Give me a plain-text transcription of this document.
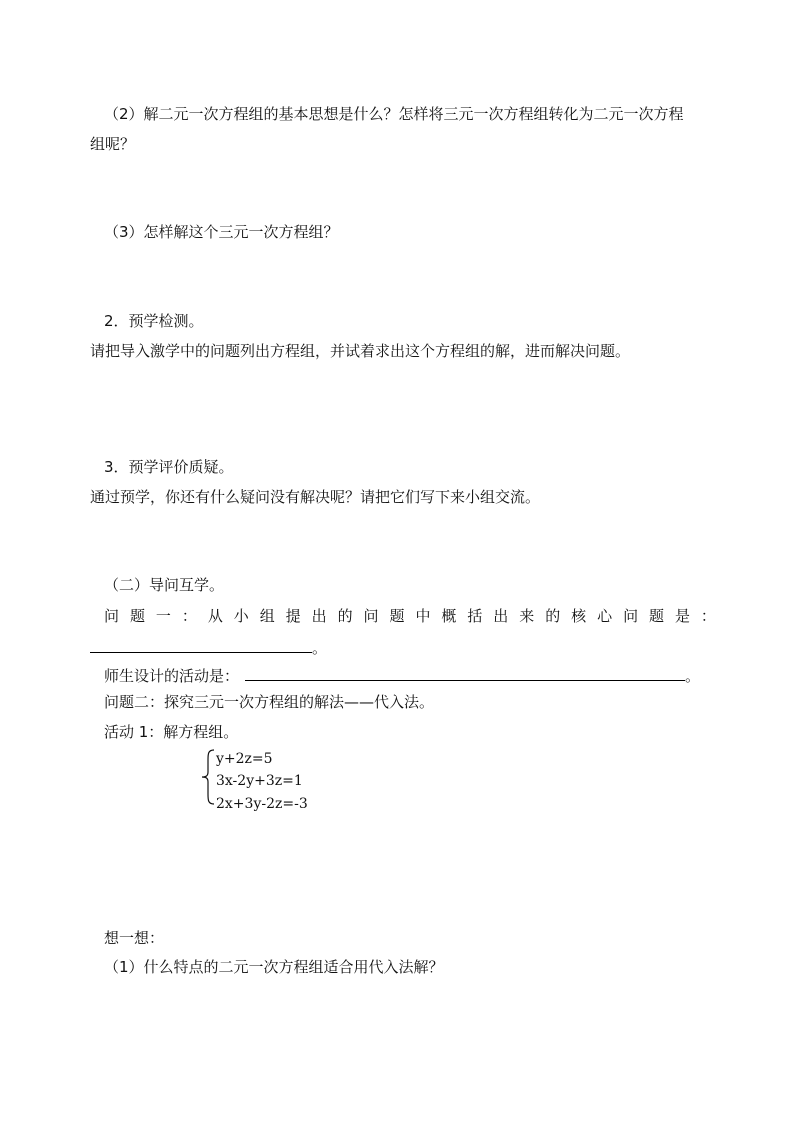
（2）解二元一次方程组的基本思想是什么？怎样将三元一次方程组转化为二元一次方程
组呢？
（3）怎样解这个三元一次方程组？
2．预学检测。
请把导入激学中的问题列出方程组，并试着求出这个方程组的解，进而解决问题。
3．预学评价质疑。
通过预学，你还有什么疑问没有解决呢？请把它们写下来小组交流。
（二）导问互学。
问 题 一 ： 从 小 组 提 出 的 问 题 中 概 括 出 来 的 核 心 问 题 是 ：
。
师生设计的活动是：	。
问题二：探究三元一次方程组的解法——代入法。
活动 1：解方程组。
y+2z=5
3x-2y+3z=1
2x+3y-2z=-3
想一想：
（1）什么特点的二元一次方程组适合用代入法解？
